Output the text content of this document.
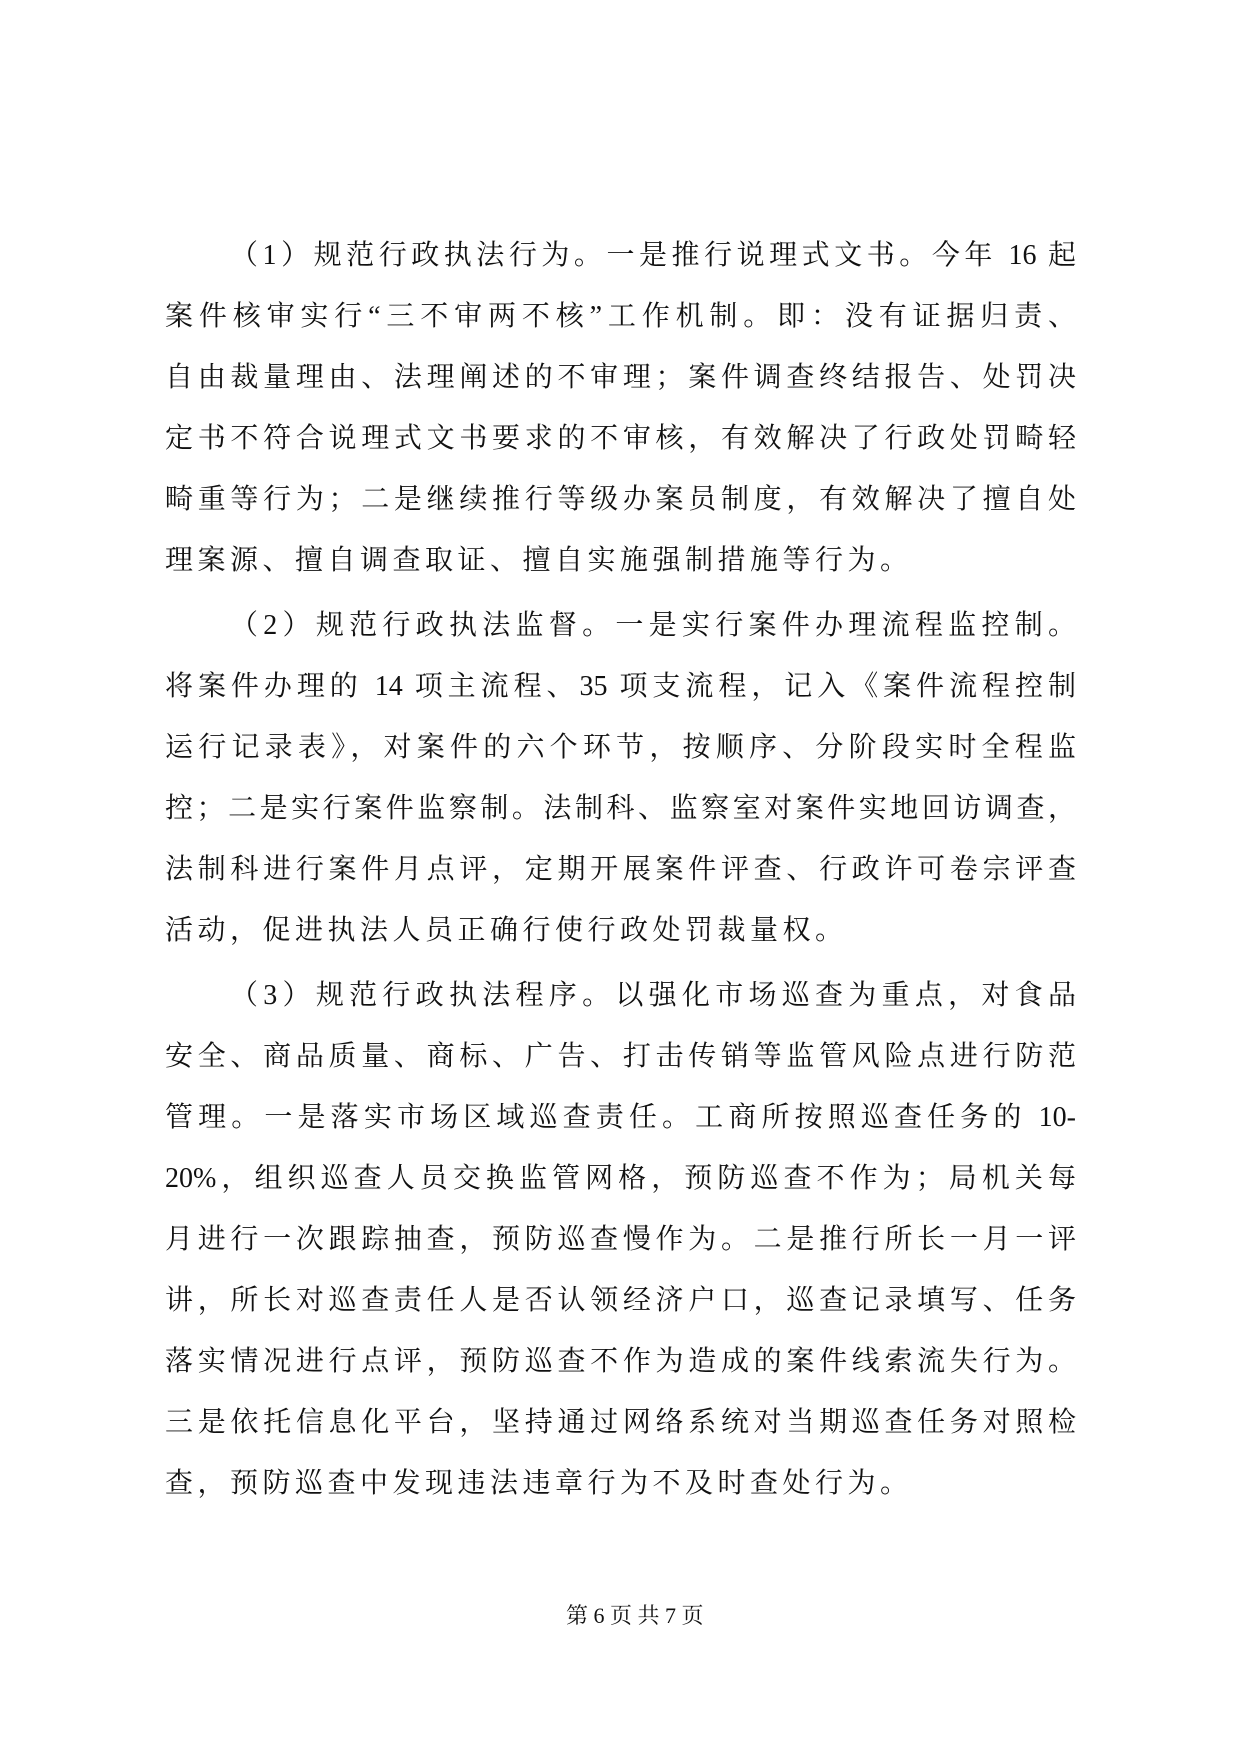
（1）规范行政执法行为。一是推行说理式文书。今年 16 起
案件核审实行“三不审两不核”工作机制。即：没有证据归责、
自由裁量理由、法理阐述的不审理；案件调查终结报告、处罚决
定书不符合说理式文书要求的不审核，有效解决了行政处罚畸轻
畸重等行为；二是继续推行等级办案员制度，有效解决了擅自处
理案源、擅自调查取证、擅自实施强制措施等行为。
（2）规范行政执法监督。一是实行案件办理流程监控制。
将案件办理的 14 项主流程、35 项支流程，记入《案件流程控制
运行记录表》，对案件的六个环节，按顺序、分阶段实时全程监
控；二是实行案件监察制。法制科、监察室对案件实地回访调查，
法制科进行案件月点评，定期开展案件评查、行政许可卷宗评查
活动，促进执法人员正确行使行政处罚裁量权。
（3）规范行政执法程序。以强化市场巡查为重点，对食品
安全、商品质量、商标、广告、打击传销等监管风险点进行防范
管理。一是落实市场区域巡查责任。工商所按照巡查任务的 10-
20%，组织巡查人员交换监管网格，预防巡查不作为；局机关每
月进行一次跟踪抽查，预防巡查慢作为。二是推行所长一月一评
讲，所长对巡查责任人是否认领经济户口，巡查记录填写、任务
落实情况进行点评，预防巡查不作为造成的案件线索流失行为。
三是依托信息化平台，坚持通过网络系统对当期巡查任务对照检
查，预防巡查中发现违法违章行为不及时查处行为。
第 6 页 共 7 页
